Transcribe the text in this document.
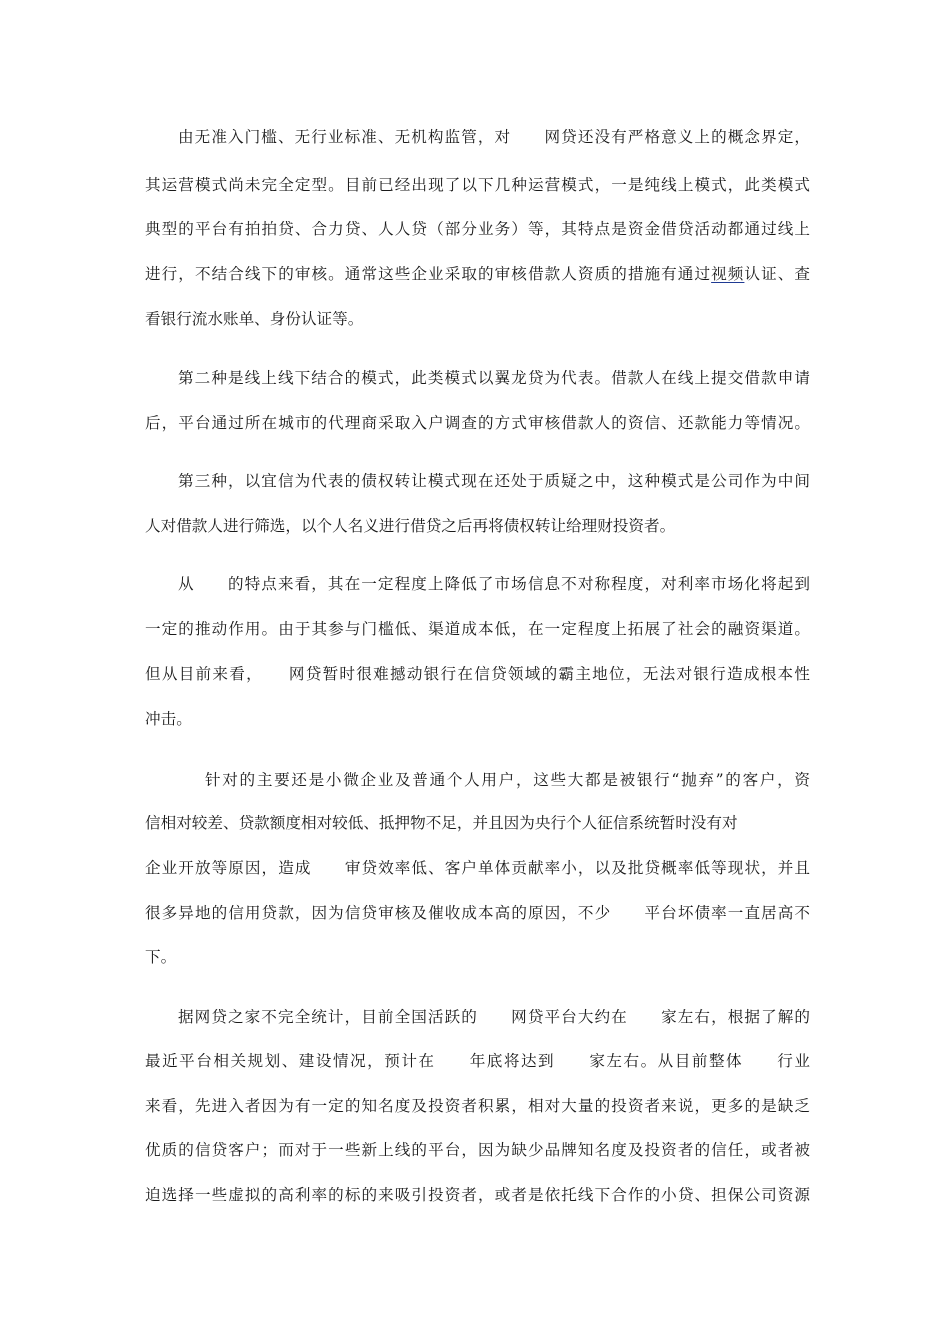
由无准入门槛、无行业标准、无机构监管，对　　网贷还没有严格意义上的概念界定，
其运营模式尚未完全定型。目前已经出现了以下几种运营模式，一是纯线上模式，此类模式
典型的平台有拍拍贷、合力贷、人人贷（部分业务）等，其特点是资金借贷活动都通过线上
进行，不结合线下的审核。通常这些企业采取的审核借款人资质的措施有通过视频认证、查
看银行流水账单、身份认证等。
第二种是线上线下结合的模式，此类模式以翼龙贷为代表。借款人在线上提交借款申请
后，平台通过所在城市的代理商采取入户调查的方式审核借款人的资信、还款能力等情况。
第三种，以宜信为代表的债权转让模式现在还处于质疑之中，这种模式是公司作为中间
人对借款人进行筛选，以个人名义进行借贷之后再将债权转让给理财投资者。
从　　的特点来看，其在一定程度上降低了市场信息不对称程度，对利率市场化将起到
一定的推动作用。由于其参与门槛低、渠道成本低，在一定程度上拓展了社会的融资渠道。
但从目前来看，　　网贷暂时很难撼动银行在信贷领域的霸主地位，无法对银行造成根本性
冲击。
针对的主要还是小微企业及普通个人用户，这些大都是被银行“抛弃”的客户，资
信相对较差、贷款额度相对较低、抵押物不足，并且因为央行个人征信系统暂时没有对
企业开放等原因，造成　　审贷效率低、客户单体贡献率小，以及批贷概率低等现状，并且
很多异地的信用贷款，因为信贷审核及催收成本高的原因，不少　　平台坏债率一直居高不
下。
据网贷之家不完全统计，目前全国活跃的　　网贷平台大约在　　家左右，根据了解的
最近平台相关规划、建设情况，预计在　　年底将达到　　家左右。从目前整体　　行业
来看，先进入者因为有一定的知名度及投资者积累，相对大量的投资者来说，更多的是缺乏
优质的信贷客户；而对于一些新上线的平台，因为缺少品牌知名度及投资者的信任，或者被
迫选择一些虚拟的高利率的标的来吸引投资者，或者是依托线下合作的小贷、担保公司资源
